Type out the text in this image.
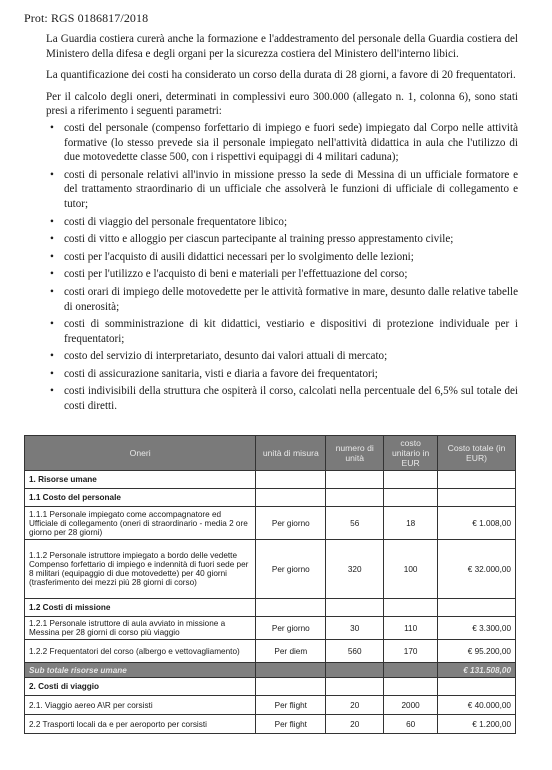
Prot: RGS 0186817/2018

La Guardia costiera curerà anche la formazione e l'addestramento del personale della Guardia costiera del Ministero della difesa e degli organi per la sicurezza costiera del Ministero dell'interno libici.

La quantificazione dei costi ha considerato un corso della durata di 28 giorni, a favore di 20 frequentatori.

Per il calcolo degli oneri, determinati in complessivi euro 300.000 (allegato n. 1, colonna 6), sono stati presi a riferimento i seguenti parametri:

• costi del personale (compenso forfettario di impiego e fuori sede) impiegato dal Corpo nelle attività formative (lo stesso prevede sia il personale impiegato nell'attività didattica in aula che l'utilizzo di due motovedette classe 500, con i rispettivi equipaggi di 4 militari caduna);
• costi di personale relativi all'invio in missione presso la sede di Messina di un ufficiale formatore e del trattamento straordinario di un ufficiale che assolverà le funzioni di ufficiale di collegamento e tutor;
• costi di viaggio del personale frequentatore libico;
• costi di vitto e alloggio per ciascun partecipante al training presso apprestamento civile;
• costi per l'acquisto di ausili didattici necessari per lo svolgimento delle lezioni;
• costi per l'utilizzo e l'acquisto di beni e materiali per l'effettuazione del corso;
• costi orari di impiego delle motovedette per le attività formative in mare, desunto dalle relative tabelle di onerosità;
• costi di somministrazione di kit didattici, vestiario e dispositivi di protezione individuale per i frequentatori;
• costo del servizio di interpretariato, desunto dai valori attuali di mercato;
• costi di assicurazione sanitaria, visti e diaria a favore dei frequentatori;
• costi indivisibili della struttura che ospiterà il corso, calcolati nella percentuale del 6,5% sul totale dei costi diretti.
Oneri	unità di misura	numero di unità	costo unitario in EUR	Costo totale (in EUR)
1. Risorse umane				
1.1 Costo del personale				
1.1.1 Personale impiegato come accompagnatore ed Ufficiale di collegamento (oneri di straordinario - media 2 ore giorno per 28 giorni)	Per giorno	56	18	€ 1.008,00
1.1.2 Personale istruttore impiegato a bordo delle vedette Compenso forfettario di impiego e indennità di fuori sede per 8 militari (equipaggio di due motovedette) per 40 giorni (trasferimento dei mezzi più 28 giorni di corso)	Per giorno	320	100	€ 32.000,00
1.2 Costi di missione				
1.2.1 Personale istruttore di aula avviato in missione a Messina per 28 giorni di corso più viaggio	Per giorno	30	110	€ 3.300,00
1.2.2 Frequentatori del corso (albergo e vettovagliamento)	Per diem	560	170	€ 95.200,00
Sub totale risorse umane				€ 131.508,00
2. Costi di viaggio				
2.1. Viaggio aereo A\R per corsisti	Per flight	20	2000	€ 40.000,00
2.2 Trasporti locali da e per aeroporto per corsisti	Per flight	20	60	€ 1.200,00
